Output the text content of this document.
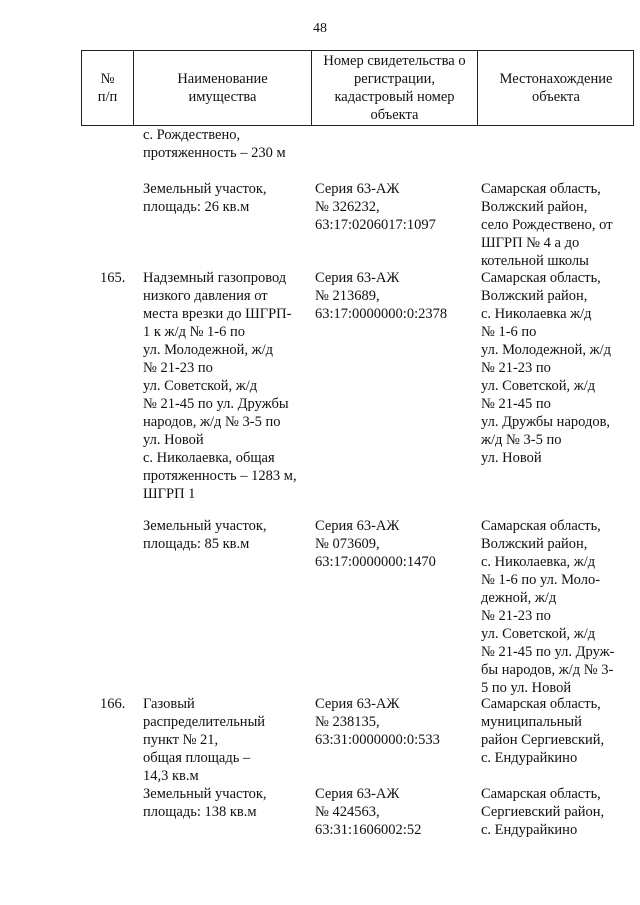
48
№
п/п
Наименование
имущества
Номер свидетельства о
регистрации,
кадастровый номер
объекта
Местонахождение
объекта
с. Рождествено,
протяженность – 230 м
Земельный участок,
площадь: 26 кв.м
Серия 63-АЖ
№ 326232,
63:17:0206017:1097
Самарская область,
Волжский район,
село Рождествено, от
ШГРП № 4 а до
котельной школы
165.	Надземный газопровод
низкого давления от
места врезки до ШГРП-
1 к ж/д № 1-6 по
ул. Молодежной, ж/д
№ 21-23 по
ул. Советской, ж/д
№ 21-45 по ул. Дружбы
народов, ж/д № 3-5 по
ул. Новой
с. Николаевка, общая
протяженность – 1283 м,
ШГРП 1
Серия 63-АЖ
№ 213689,
63:17:0000000:0:2378
Самарская область,
Волжский район,
с. Николаевка ж/д
№ 1-6 по
ул. Молодежной, ж/д
№ 21-23 по
ул. Советской, ж/д
№ 21-45 по
ул. Дружбы народов,
ж/д № 3-5 по
ул. Новой
Земельный участок,
площадь: 85 кв.м
Серия 63-АЖ
№ 073609,
63:17:0000000:1470
Самарская область,
Волжский район,
с. Николаевка, ж/д
№ 1-6 по ул. Моло-
дежной, ж/д
№ 21-23 по
ул. Советской, ж/д
№ 21-45 по ул. Друж-
бы народов, ж/д № 3-
5 по ул. Новой
166.	Газовый
распределительный
пункт № 21,
общая площадь –
14,3 кв.м
Серия 63-АЖ
№ 238135,
63:31:0000000:0:533
Самарская область,
муниципальный
район Сергиевский,
с. Ендурайкино
Земельный участок,
площадь: 138 кв.м
Серия 63-АЖ
№ 424563,
63:31:1606002:52
Самарская область,
Сергиевский район,
с. Ендурайкино
